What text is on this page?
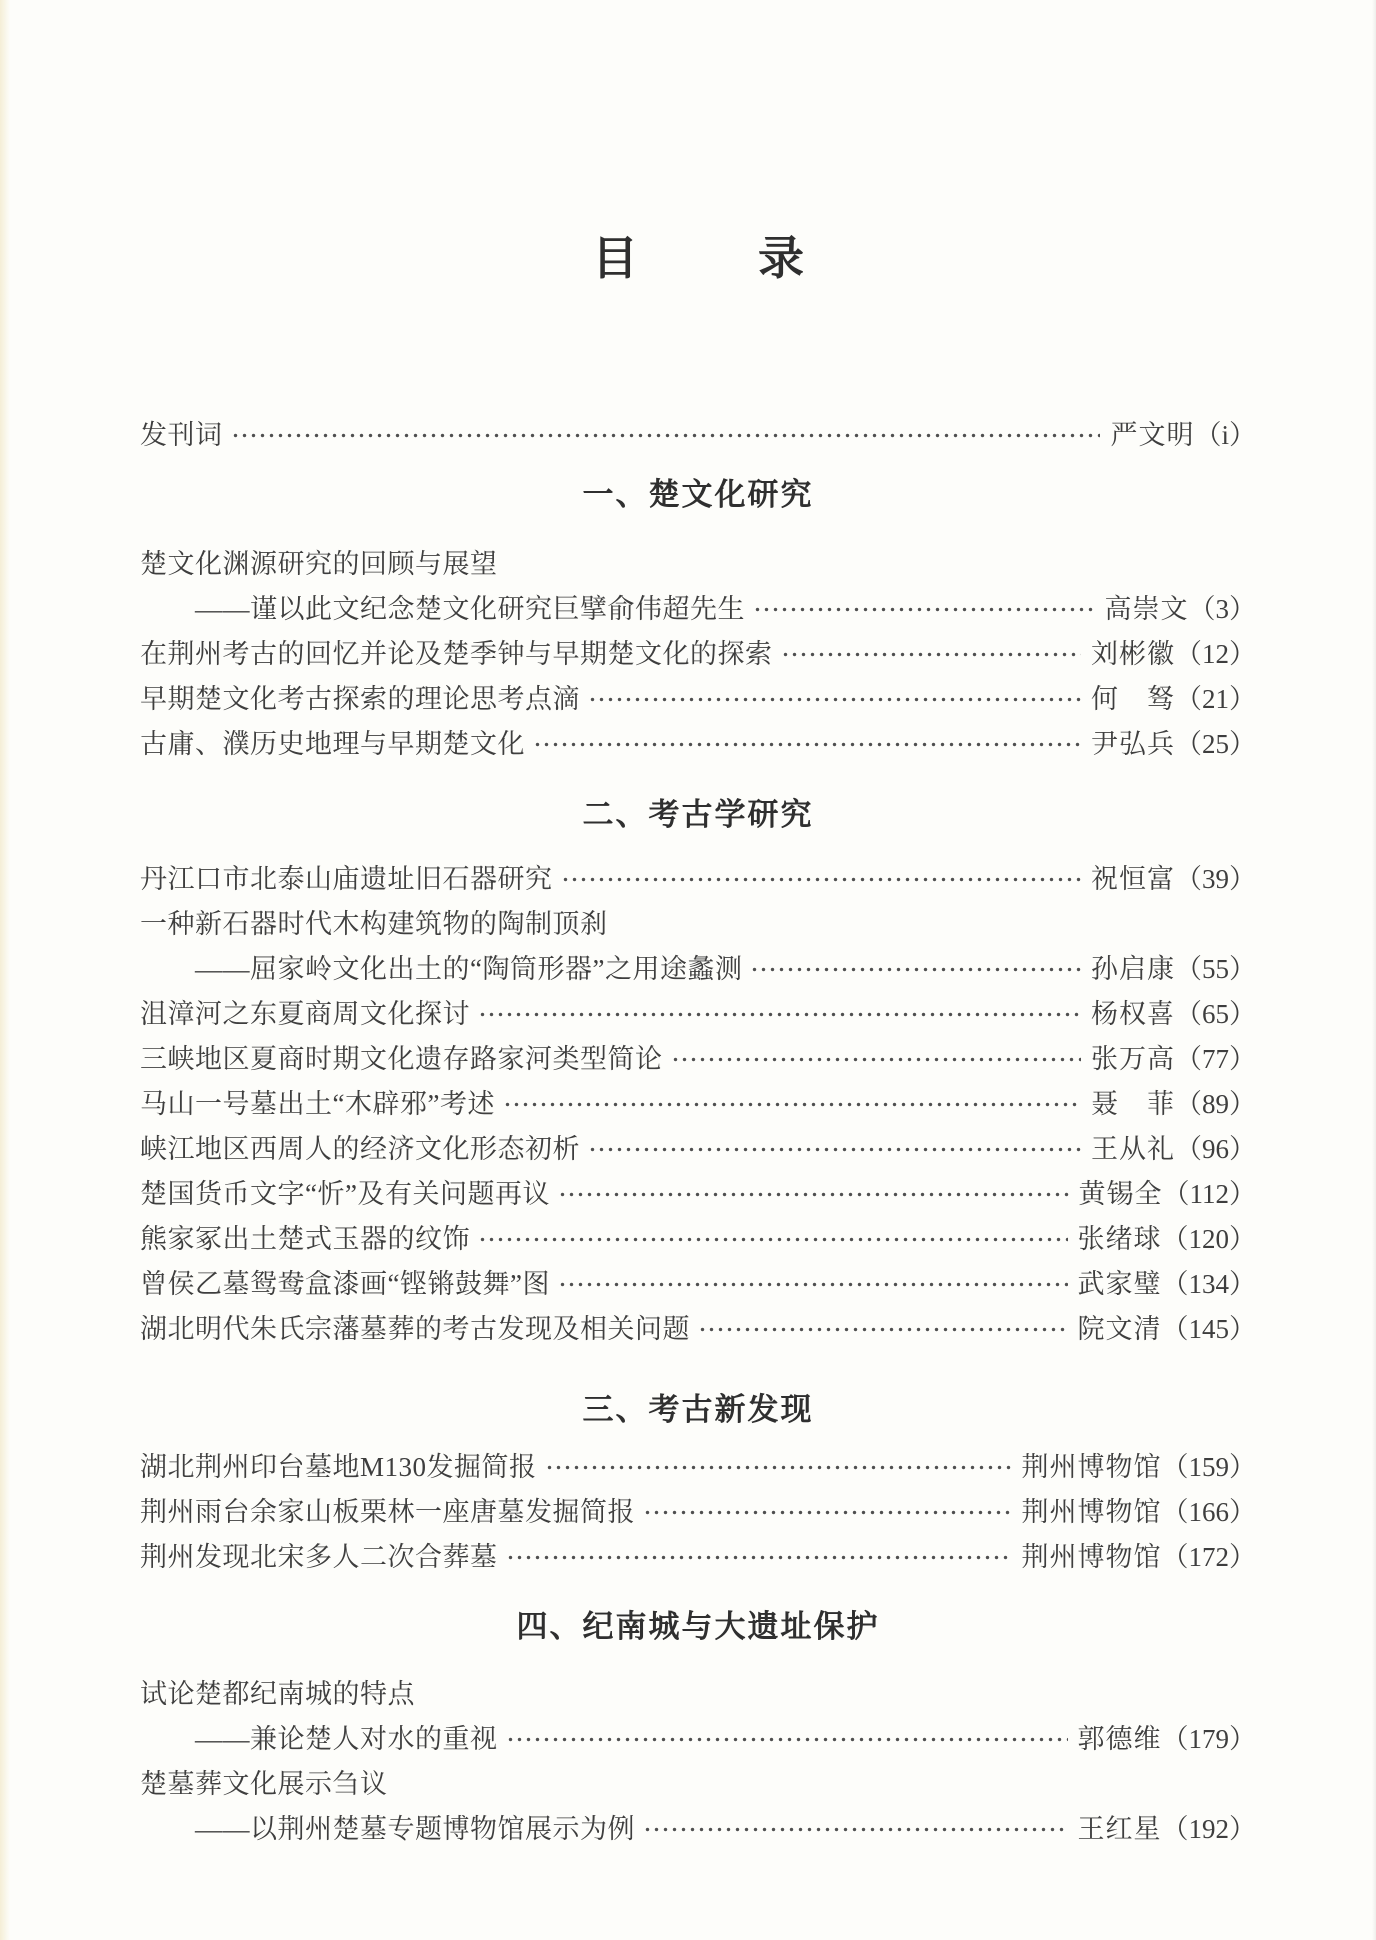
目	录
发刊词	严文明 （i）
一、楚文化研究
楚文化渊源研究的回顾与展望
——谨以此文纪念楚文化研究巨擘俞伟超先生	高崇文 （3）
在荆州考古的回忆并论及楚季钟与早期楚文化的探索	刘彬徽 （12）
早期楚文化考古探索的理论思考点滴	何　驽 （21）
古庸、濮历史地理与早期楚文化	尹弘兵 （25）
二、考古学研究
丹江口市北泰山庙遗址旧石器研究	祝恒富 （39）
一种新石器时代木构建筑物的陶制顶刹
——屈家岭文化出土的“陶筒形器”之用途蠡测	孙启康 （55）
沮漳河之东夏商周文化探讨	杨权喜 （65）
三峡地区夏商时期文化遗存路家河类型简论	张万高 （77）
马山一号墓出土“木辟邪”考述	聂　菲 （89）
峡江地区西周人的经济文化形态初析	王从礼 （96）
楚国货币文字“忻”及有关问题再议	黄锡全 （112）
熊家冢出土楚式玉器的纹饰	张绪球 （120）
曾侯乙墓鸳鸯盒漆画“铿锵鼓舞”图	武家璧 （134）
湖北明代朱氏宗藩墓葬的考古发现及相关问题	院文清 （145）
三、考古新发现
湖北荆州印台墓地M130发掘简报	荆州博物馆 （159）
荆州雨台余家山板栗林一座唐墓发掘简报	荆州博物馆 （166）
荆州发现北宋多人二次合葬墓	荆州博物馆 （172）
四、纪南城与大遗址保护
试论楚都纪南城的特点
——兼论楚人对水的重视	郭德维 （179）
楚墓葬文化展示刍议
——以荆州楚墓专题博物馆展示为例	王红星 （192）
